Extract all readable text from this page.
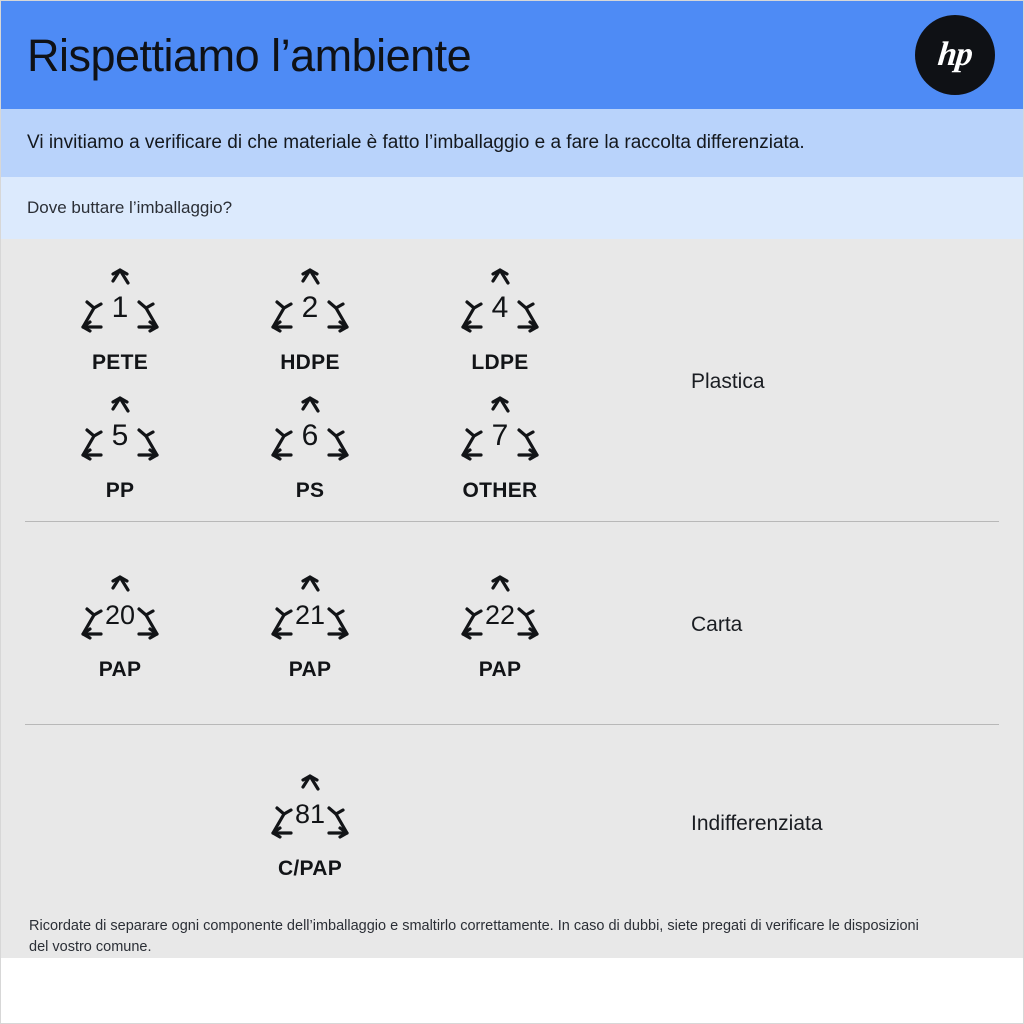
Rispettiamo l’ambiente	hp
Vi invitiamo a verificare di che materiale è fatto l’imballaggio e a fare la raccolta differenziata.
Dove buttare l’imballaggio?
1
PETE
2
HDPE
4
LDPE
5
PP
6
PS
7
OTHER
Plastica
20
PAP
21
PAP
22
PAP
Carta
81
C/PAP
Indifferenziata
Ricordate di separare ogni componente dell’imballaggio e smaltirlo correttamente. In caso di dubbi, siete pregati di verificare le disposizioni del vostro comune.
